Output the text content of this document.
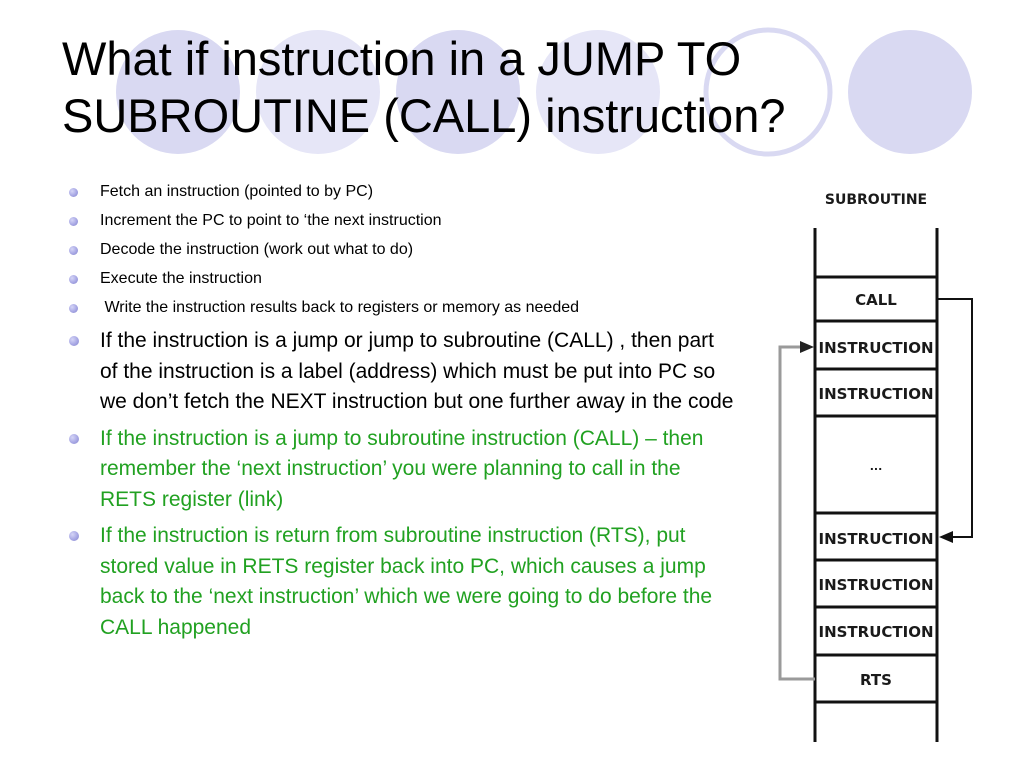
What if instruction in a JUMP TO
SUBROUTINE (CALL) instruction?
Fetch an instruction (pointed to by PC)
Increment the PC to point to ‘the next instruction
Decode the instruction (work out what to do)
Execute the instruction
Write the instruction results back to registers or memory as needed
If the instruction is a jump or jump to subroutine (CALL) , then part of the instruction is a label (address) which must be put into PC so we don’t fetch the NEXT instruction but one further away in the code
If the instruction is a jump to subroutine instruction (CALL) – then remember the ‘next instruction’ you were planning to call in the RETS register (link)
If the instruction is return from subroutine instruction (RTS), put stored value in RETS register back into PC, which causes a jump back to the ‘next instruction’ which we were going to do before the CALL happened
SUBROUTINE
CALL
INSTRUCTION
INSTRUCTION
...
INSTRUCTION
INSTRUCTION
INSTRUCTION
RTS
